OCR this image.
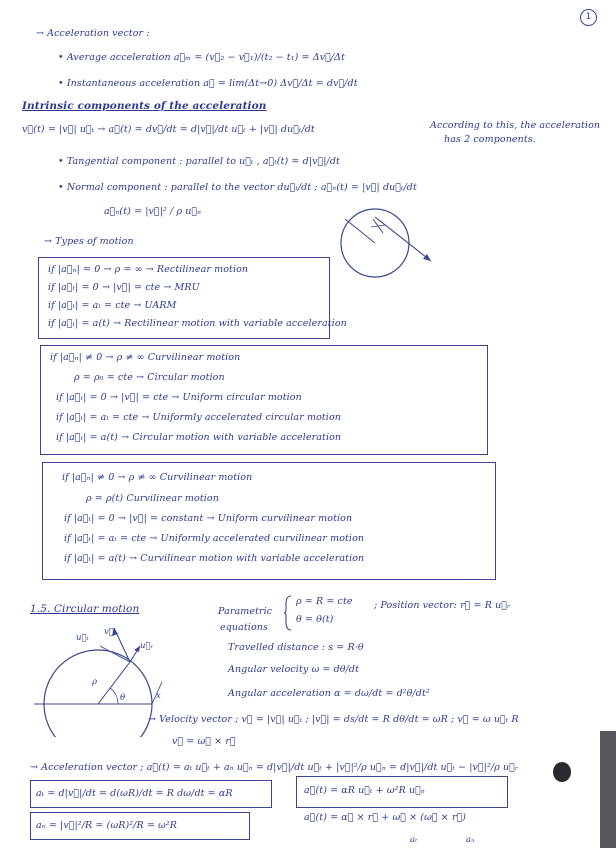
1
→ Acceleration vector :
• Average acceleration a⃗ₘ = (v⃗₂ − v⃗₁)/(t₂ − t₁) = Δv⃗/Δt
• Instantaneous acceleration a⃗ = lim(Δt→0) Δv⃗/Δt = dv⃗/dt
Intrinsic components of the acceleration
v⃗(t) = |v⃗| u⃗ₜ → a⃗(t) = dv⃗/dt = d|v⃗|/dt u⃗ₜ + |v⃗| du⃗ₜ/dt	According to this, the acceleration
has 2 components.
• Tangential component : parallel to u⃗ₜ , a⃗ₜ(t) = d|v⃗|/dt
• Normal component : parallel to the vector du⃗ₜ/dt ; a⃗ₙ(t) = |v⃗| du⃗ₜ/dt
a⃗ₙ(t) = |v⃗|² / ρ u⃗ₙ
→ Types of motion
if |a⃗ₙ| = 0 → ρ = ∞ → Rectilinear motion
if |a⃗ₜ| = 0 → |v⃗| = cte → MRU
if |a⃗ₜ| = aₜ = cte → UARM
if |a⃗ₜ| = a(t) → Rectilinear motion with variable acceleration
if |a⃗ₙ| ≠ 0 → ρ ≠ ∞ Curvilinear motion
ρ = ρ₀ = cte → Circular motion
if |a⃗ₜ| = 0 → |v⃗| = cte → Uniform circular motion
if |a⃗ₜ| = aₜ = cte → Uniformly accelerated circular motion
if |a⃗ₜ| = a(t) → Circular motion with variable acceleration
if |a⃗ₙ| ≠ 0 → ρ ≠ ∞ Curvilinear motion
ρ = ρ(t) Curvilinear motion
if |a⃗ₜ| = 0 → |v⃗| = constant → Uniform curvilinear motion
if |a⃗ₜ| = aₜ = cte → Uniformly accelerated curvilinear motion
if |a⃗ₜ| = a(t) → Curvilinear motion with variable acceleration
1.5. Circular motion	Parametric
equations
ρ = R = cte
θ = θ(t)
; Position vector: r⃗ = R u⃗ᵣ
Travelled distance : s = R·θ
Angular velocity ω = dθ/dt
Angular acceleration α = dω/dt = d²θ/dt²
v⃗
u⃗ₜ
u⃗ᵣ
ρ
θ	x
→ Velocity vector ; v⃗ = |v⃗| u⃗ₜ ; |v⃗| = ds/dt = R dθ/dt = ωR ; v⃗ = ω u⃗ₜ R
v⃗ = ω⃗ × r⃗
→ Acceleration vector ; a⃗(t) = aₜ u⃗ₜ + aₙ u⃗ₙ = d|v⃗|/dt u⃗ₜ + |v⃗|²/ρ u⃗ₙ = d|v⃗|/dt u⃗ₜ − |v⃗|²/ρ u⃗ᵣ
aₜ = d|v⃗|/dt = d(ωR)/dt = R dω/dt = αR
aₙ = |v⃗|²/R = (ωR)²/R = ω²R
a⃗(t) = αR u⃗ₜ + ω²R u⃗ₙ
a⃗(t) = α⃗ × r⃗ + ω⃗ × (ω⃗ × r⃗)
aₜ	aₙ
